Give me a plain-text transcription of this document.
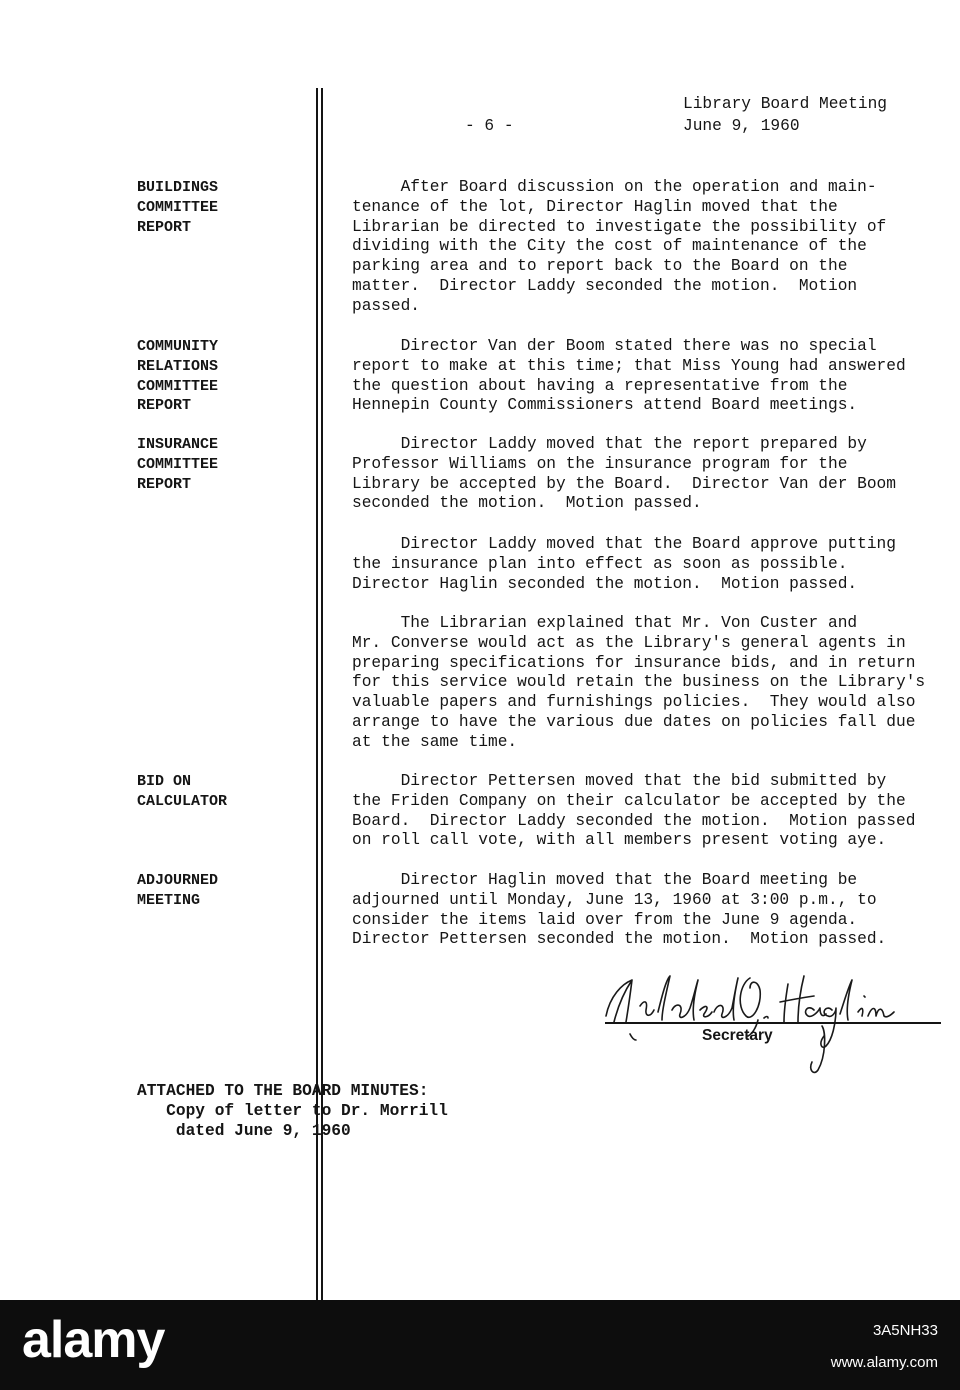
Library Board Meeting
June 9, 1960
- 6 -
BUILDINGS
COMMITTEE
REPORT
After Board discussion on the operation and main-
tenance of the lot, Director Haglin moved that the
Librarian be directed to investigate the possibility of
dividing with the City the cost of maintenance of the
parking area and to report back to the Board on the
matter.  Director Laddy seconded the motion.  Motion
passed.
COMMUNITY
RELATIONS
COMMITTEE
REPORT
Director Van der Boom stated there was no special
report to make at this time; that Miss Young had answered
the question about having a representative from the
Hennepin County Commissioners attend Board meetings.
INSURANCE
COMMITTEE
REPORT
Director Laddy moved that the report prepared by
Professor Williams on the insurance program for the
Library be accepted by the Board.  Director Van der Boom
seconded the motion.  Motion passed.
Director Laddy moved that the Board approve putting
the insurance plan into effect as soon as possible.
Director Haglin seconded the motion.  Motion passed.
The Librarian explained that Mr. Von Custer and
Mr. Converse would act as the Library's general agents in
preparing specifications for insurance bids, and in return
for this service would retain the business on the Library's
valuable papers and furnishings policies.  They would also
arrange to have the various due dates on policies fall due
at the same time.
BID ON
CALCULATOR
Director Pettersen moved that the bid submitted by
the Friden Company on their calculator be accepted by the
Board.  Director Laddy seconded the motion.  Motion passed
on roll call vote, with all members present voting aye.
ADJOURNED
MEETING
Director Haglin moved that the Board meeting be
adjourned until Monday, June 13, 1960 at 3:00 p.m., to
consider the items laid over from the June 9 agenda.
Director Pettersen seconded the motion.  Motion passed.
Secretary
ATTACHED TO THE BOARD MINUTES:
Copy of letter to Dr. Morrill
dated June 9, 1960
alamy	3A5NH33
www.alamy.com
